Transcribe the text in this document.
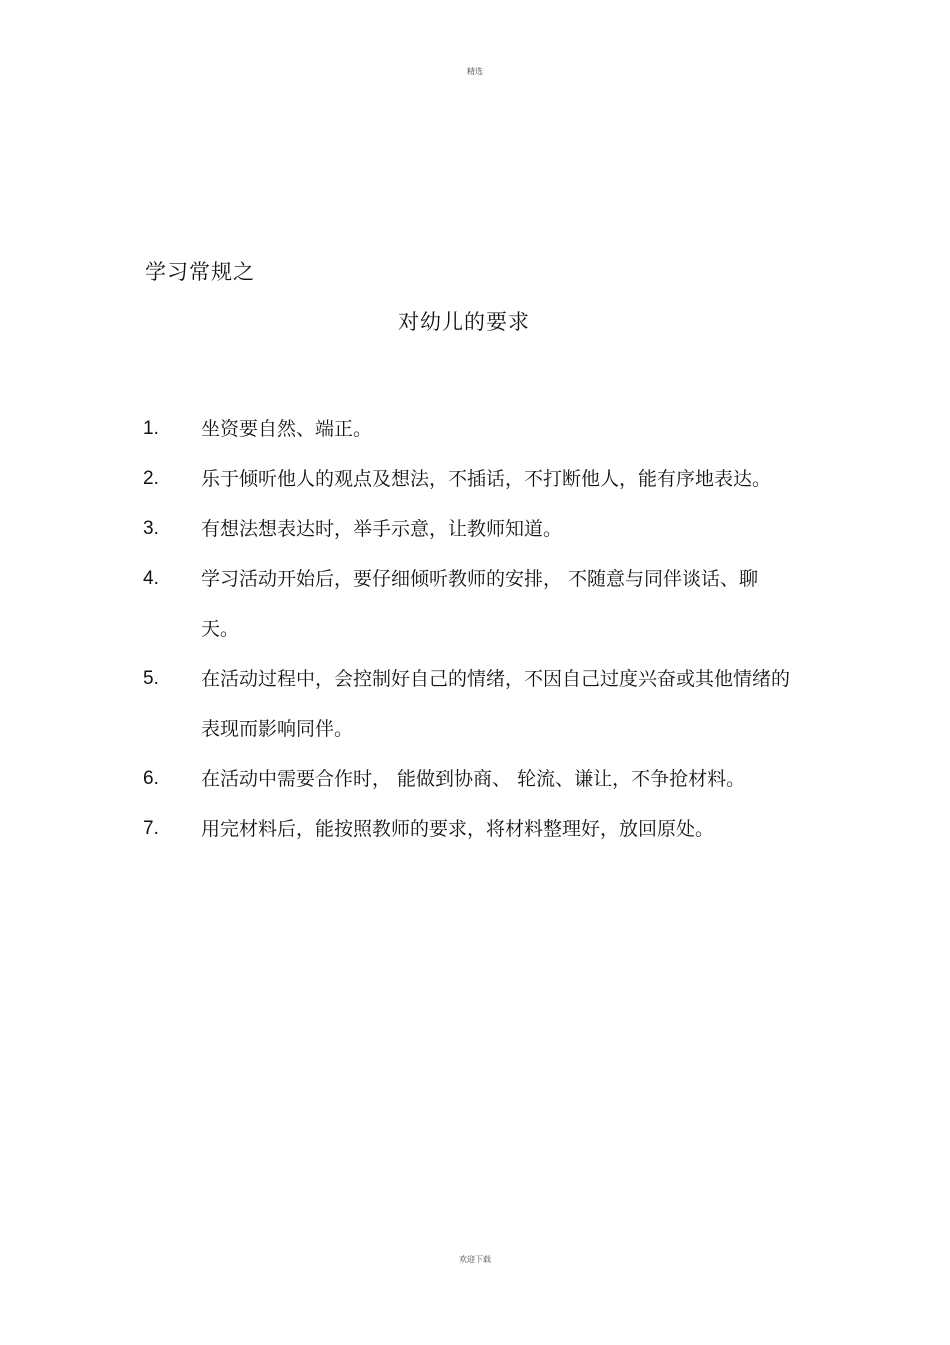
精选
学习常规之
对幼儿的要求
1. 坐资要自然、端正。
2. 乐于倾听他人的观点及想法，不插话，不打断他人，能有序地表达。
3. 有想法想表达时，举手示意，让教师知道。
4. 学习活动开始后，要仔细倾听教师的安排， 不随意与同伴谈话、聊天。
5. 在活动过程中，会控制好自己的情绪，不因自己过度兴奋或其他情绪的表现而影响同伴。
6. 在活动中需要合作时， 能做到协商、 轮流、谦让，不争抢材料。
7. 用完材料后，能按照教师的要求，将材料整理好，放回原处。
欢迎下载
